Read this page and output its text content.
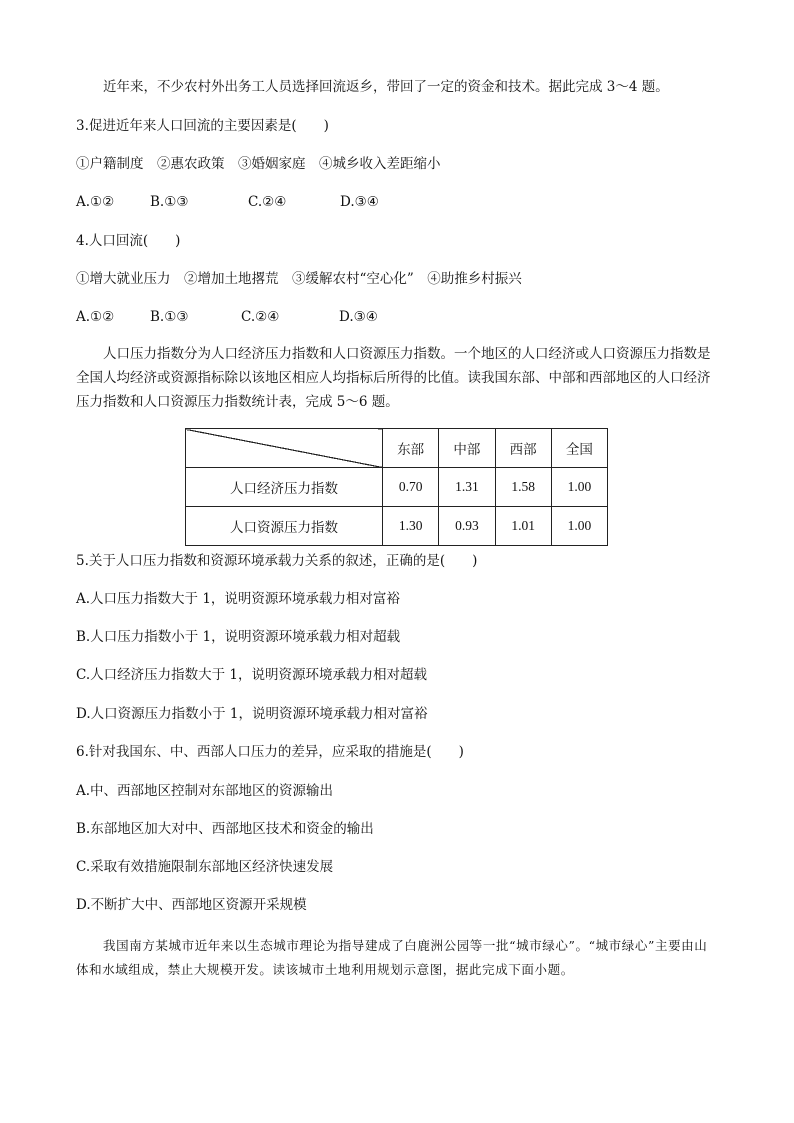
近年来，不少农村外出务工人员选择回流返乡，带回了一定的资金和技术。据此完成 3～4 题。
3.促进近年来人口回流的主要因素是(　　)
①户籍制度　②惠农政策　③婚姻家庭　④城乡收入差距缩小
A.①②	B.①③	C.②④	D.③④
4.人口回流(　　)
①增大就业压力　②增加土地撂荒　③缓解农村“空心化”　④助推乡村振兴
A.①②	B.①③	C.②④	D.③④
人口压力指数分为人口经济压力指数和人口资源压力指数。一个地区的人口经济或人口资源压力指数是全国人均经济或资源指标除以该地区相应人均指标后所得的比值。读我国东部、中部和西部地区的人口经济压力指数和人口资源压力指数统计表，完成 5～6 题。
	东部	中部	西部	全国
人口经济压力指数	0.70	1.31	1.58	1.00
人口资源压力指数	1.30	0.93	1.01	1.00
5.关于人口压力指数和资源环境承载力关系的叙述，正确的是(　　)
A.人口压力指数大于 1，说明资源环境承载力相对富裕
B.人口压力指数小于 1，说明资源环境承载力相对超载
C.人口经济压力指数大于 1，说明资源环境承载力相对超载
D.人口资源压力指数小于 1，说明资源环境承载力相对富裕
6.针对我国东、中、西部人口压力的差异，应采取的措施是(　　)
A.中、西部地区控制对东部地区的资源输出
B.东部地区加大对中、西部地区技术和资金的输出
C.采取有效措施限制东部地区经济快速发展
D.不断扩大中、西部地区资源开采规模
我国南方某城市近年来以生态城市理论为指导建成了白鹿洲公园等一批“城市绿心”。“城市绿心”主要由山体和水域组成，禁止大规模开发。读该城市土地利用规划示意图，据此完成下面小题。
